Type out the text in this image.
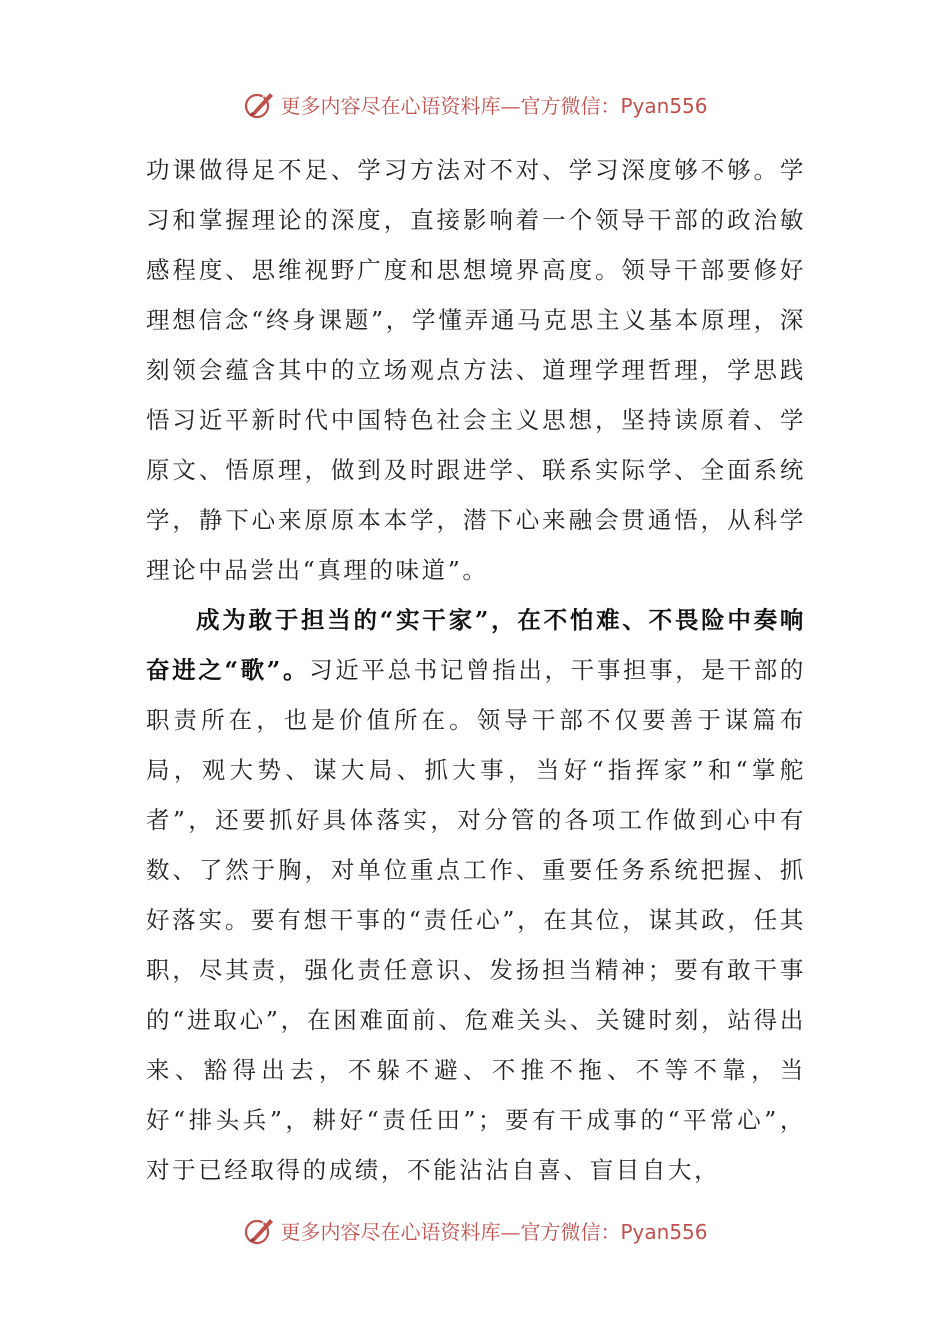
更多内容尽在心语资料库—官方微信：Pyan556

功课做得足不足、学习方法对不对、学习深度够不够。学习和掌握理论的深度，直接影响着一个领导干部的政治敏感程度、思维视野广度和思想境界高度。领导干部要修好理想信念“终身课题”，学懂弄通马克思主义基本原理，深刻领会蕴含其中的立场观点方法、道理学理哲理，学思践悟习近平新时代中国特色社会主义思想，坚持读原着、学原文、悟原理，做到及时跟进学、联系实际学、全面系统学，静下心来原原本本学，潜下心来融会贯通悟，从科学理论中品尝出“真理的味道”。

成为敢于担当的“实干家”，在不怕难、不畏险中奏响奋进之“歌”。习近平总书记曾指出，干事担事，是干部的职责所在，也是价值所在。领导干部不仅要善于谋篇布局，观大势、谋大局、抓大事，当好“指挥家”和“掌舵者”，还要抓好具体落实，对分管的各项工作做到心中有数、了然于胸，对单位重点工作、重要任务系统把握、抓好落实。要有想干事的“责任心”，在其位，谋其政，任其职，尽其责，强化责任意识、发扬担当精神；要有敢干事的“进取心”，在困难面前、危难关头、关键时刻，站得出来、豁得出去，不躲不避、不推不拖、不等不靠，当好“排头兵”，耕好“责任田”；要有干成事的“平常心”，对于已经取得的成绩，不能沾沾自喜、盲目自大，

更多内容尽在心语资料库—官方微信：Pyan556
